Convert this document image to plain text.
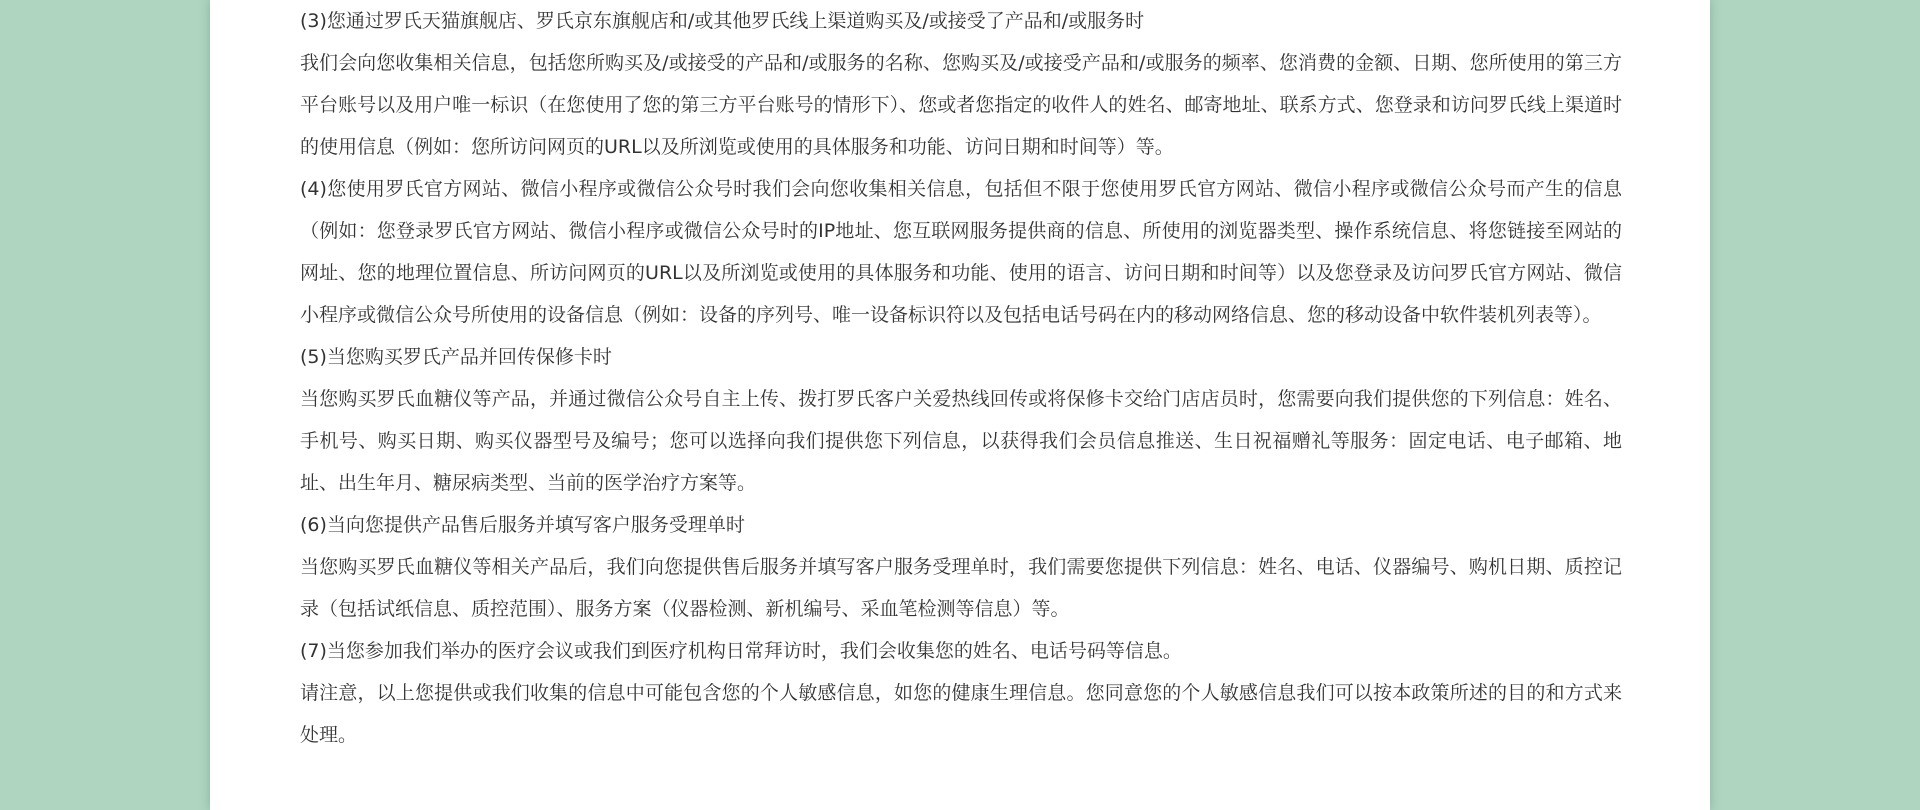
(3)您通过罗氏天猫旗舰店、罗氏京东旗舰店和/或其他罗氏线上渠道购买及/或接受了产品和/或服务时

我们会向您收集相关信息，包括您所购买及/或接受的产品和/或服务的名称、您购买及/或接受产品和/或服务的频率、您消费的金额、日期、您所使用的第三方平台账号以及用户唯一标识（在您使用了您的第三方平台账号的情形下）、您或者您指定的收件人的姓名、邮寄地址、联系方式、您登录和访问罗氏线上渠道时的使用信息（例如：您所访问网页的URL以及所浏览或使用的具体服务和功能、访问日期和时间等）等。

(4)您使用罗氏官方网站、微信小程序或微信公众号时我们会向您收集相关信息，包括但不限于您使用罗氏官方网站、微信小程序或微信公众号而产生的信息（例如：您登录罗氏官方网站、微信小程序或微信公众号时的IP地址、您互联网服务提供商的信息、所使用的浏览器类型、操作系统信息、将您链接至网站的网址、您的地理位置信息、所访问网页的URL以及所浏览或使用的具体服务和功能、使用的语言、访问日期和时间等）以及您登录及访问罗氏官方网站、微信小程序或微信公众号所使用的设备信息（例如：设备的序列号、唯一设备标识符以及包括电话号码在内的移动网络信息、您的移动设备中软件装机列表等）。

(5)当您购买罗氏产品并回传保修卡时

当您购买罗氏血糖仪等产品，并通过微信公众号自主上传、拨打罗氏客户关爱热线回传或将保修卡交给门店店员时，您需要向我们提供您的下列信息：姓名、手机号、购买日期、购买仪器型号及编号；您可以选择向我们提供您下列信息，以获得我们会员信息推送、生日祝福赠礼等服务：固定电话、电子邮箱、地址、出生年月、糖尿病类型、当前的医学治疗方案等。

(6)当向您提供产品售后服务并填写客户服务受理单时

当您购买罗氏血糖仪等相关产品后，我们向您提供售后服务并填写客户服务受理单时，我们需要您提供下列信息：姓名、电话、仪器编号、购机日期、质控记录（包括试纸信息、质控范围）、服务方案（仪器检测、新机编号、采血笔检测等信息）等。

(7)当您参加我们举办的医疗会议或我们到医疗机构日常拜访时，我们会收集您的姓名、电话号码等信息。

请注意，以上您提供或我们收集的信息中可能包含您的个人敏感信息，如您的健康生理信息。您同意您的个人敏感信息我们可以按本政策所述的目的和方式来处理。
